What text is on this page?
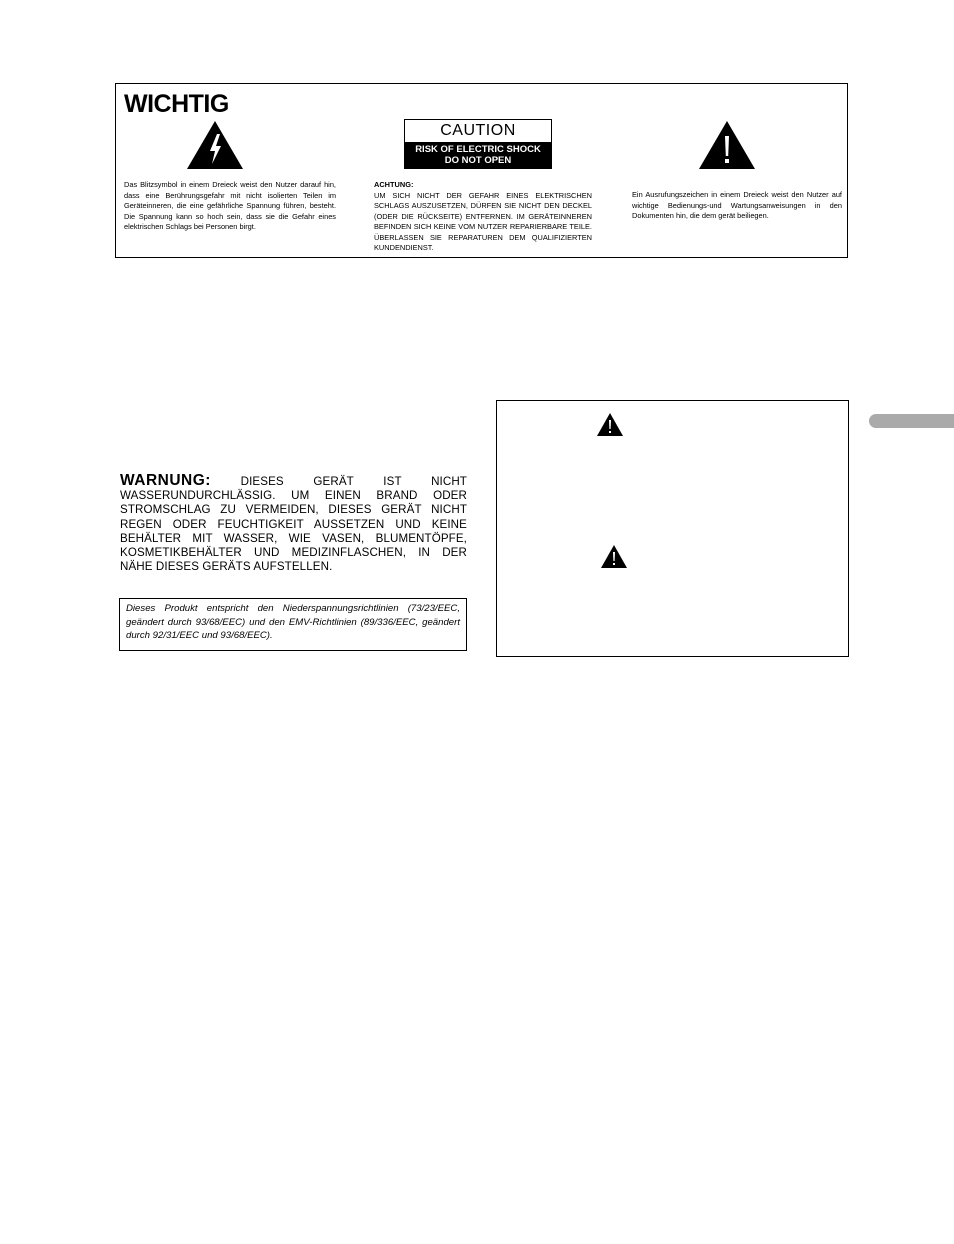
WICHTIG
CAUTION
RISK OF ELECTRIC SHOCK
DO NOT OPEN
Das Blitzsymbol in einem Dreieck weist den Nutzer darauf hin, dass eine Berührungsgefahr mit nicht isolierten Teilen im Geräteinneren, die eine gefährliche Spannung führen, besteht. Die Spannung kann so hoch sein, dass sie die Gefahr eines elektrischen Schlags bei Personen birgt.
ACHTUNG:
UM SICH NICHT DER GEFAHR EINES ELEKTRISCHEN SCHLAGS AUSZUSETZEN, DÜRFEN SIE NICHT DEN DECKEL (ODER DIE RÜCKSEITE) ENTFERNEN. IM GERÄTEINNEREN BEFINDEN SICH KEINE VOM NUTZER REPARIERBARE TEILE. ÜBERLASSEN SIE REPARATUREN DEM QUALIFIZIERTEN KUNDENDIENST.
Ein Ausrufungszeichen in einem Dreieck weist den Nutzer auf wichtige Bedienungs-und Wartungsanweisungen in den Dokumenten hin, die dem gerät beiliegen.
WARNUNG:	DIESES GERÄT IST NICHT WASSERUNDURCHLÄSSIG. UM EINEN BRAND ODER STROMSCHLAG ZU VERMEIDEN, DIESES GERÄT NICHT REGEN ODER FEUCHTIGKEIT AUSSETZEN UND KEINE BEHÄLTER MIT WASSER, WIE VASEN, BLUMENTÖPFE, KOSMETIKBEHÄLTER UND MEDIZINFLASCHEN, IN DER NÄHE DIESES GERÄTS AUFSTELLEN.
Dieses Produkt entspricht den Niederspannungsrichtlinien (73/23/EEC, geändert durch 93/68/EEC) und den EMV-Richtlinien (89/336/EEC, geändert durch 92/31/EEC und 93/68/EEC).
